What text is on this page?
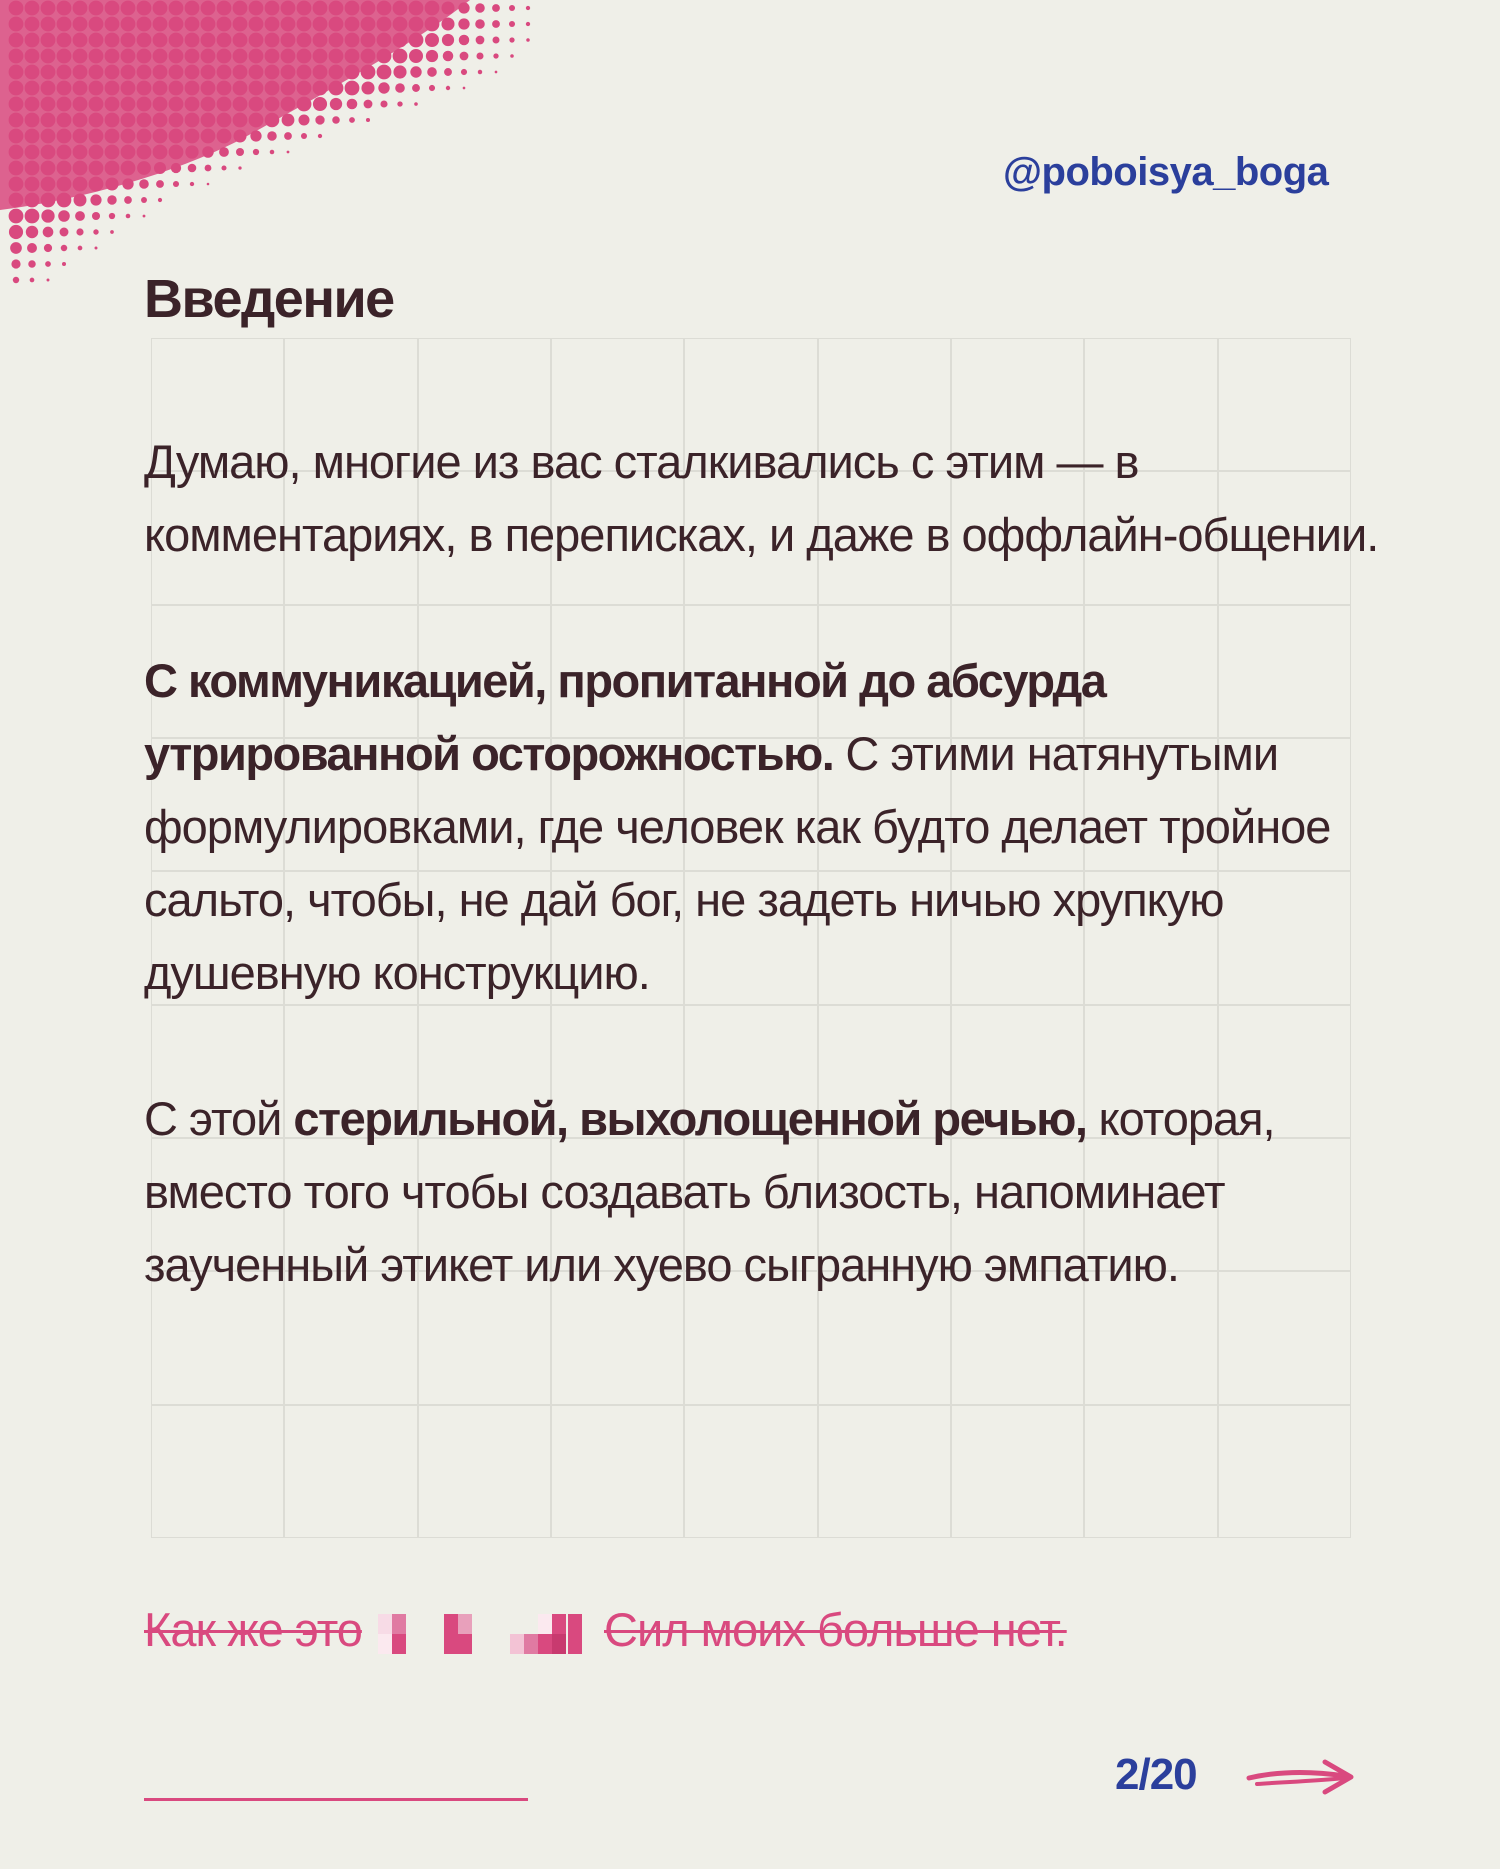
@poboisya_boga
Введение

Думаю, многие из вас сталкивались с этим — в комментариях, в переписках, и даже в оффлайн-общении.

С коммуникацией, пропитанной до абсурда утрированной осторожностью. С этими натянутыми формулировками, где человек как будто делает тройное сальто, чтобы, не дай бог, не задеть ничью хрупкую душевную конструкцию.

С этой стерильной, выхолощенной речью, которая, вместо того чтобы создавать близость, напоминает заученный этикет или хуево сыгранную эмпатию.

Как же это	Сил моих больше нет.
2/20
